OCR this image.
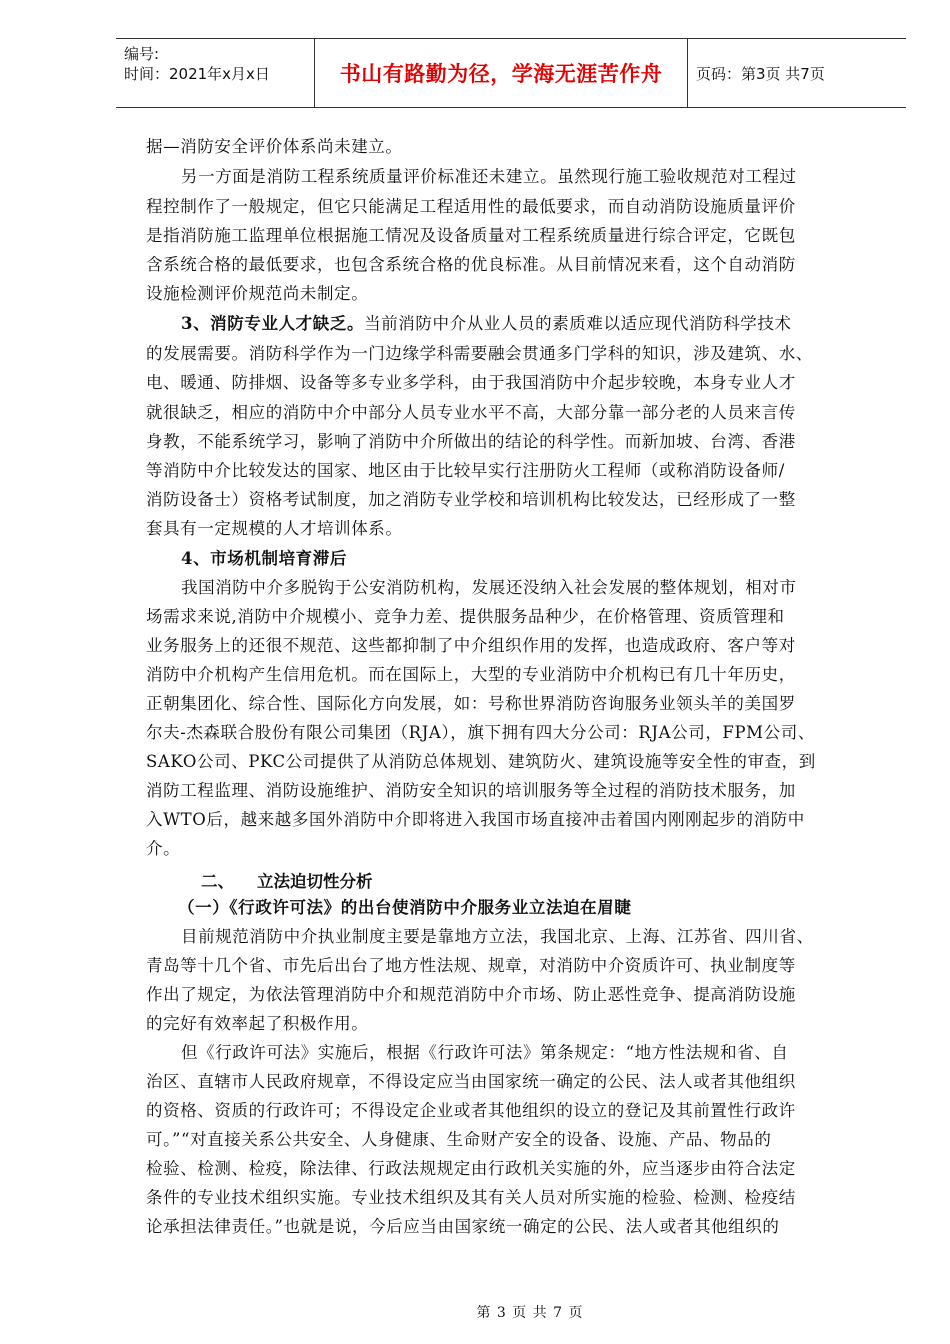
编号:
时间：2021年x月x日	书山有路勤为径，学海无涯苦作舟	页码：第3页 共7页
据—消防安全评价体系尚未建立。
另一方面是消防工程系统质量评价标准还未建立。虽然现行施工验收规范对工程过
程控制作了一般规定，但它只能满足工程适用性的最低要求，而自动消防设施质量评价
是指消防施工监理单位根据施工情况及设备质量对工程系统质量进行综合评定，它既包
含系统合格的最低要求，也包含系统合格的优良标准。从目前情况来看，这个自动消防
设施检测评价规范尚未制定。
3、消防专业人才缺乏。当前消防中介从业人员的素质难以适应现代消防科学技术
的发展需要。消防科学作为一门边缘学科需要融会贯通多门学科的知识，涉及建筑、水、
电、暖通、防排烟、设备等多专业多学科，由于我国消防中介起步较晚，本身专业人才
就很缺乏，相应的消防中介中部分人员专业水平不高，大部分靠一部分老的人员来言传
身教，不能系统学习，影响了消防中介所做出的结论的科学性。而新加坡、台湾、香港
等消防中介比较发达的国家、地区由于比较早实行注册防火工程师（或称消防设备师/
消防设备士）资格考试制度，加之消防专业学校和培训机构比较发达，已经形成了一整
套具有一定规模的人才培训体系。
4、市场机制培育滞后
我国消防中介多脱钩于公安消防机构，发展还没纳入社会发展的整体规划，相对市
场需求来说,消防中介规模小、竞争力差、提供服务品种少，在价格管理、资质管理和
业务服务上的还很不规范、这些都抑制了中介组织作用的发挥，也造成政府、客户等对
消防中介机构产生信用危机。而在国际上，大型的专业消防中介机构已有几十年历史，
正朝集团化、综合性、国际化方向发展，如：号称世界消防咨询服务业领头羊的美国罗
尔夫-杰森联合股份有限公司集团（RJA），旗下拥有四大分公司：RJA公司，FPM公司、
SAKO公司、PKC公司提供了从消防总体规划、建筑防火、建筑设施等安全性的审查，到
消防工程监理、消防设施维护、消防安全知识的培训服务等全过程的消防技术服务，加
入WTO后，越来越多国外消防中介即将进入我国市场直接冲击着国内刚刚起步的消防中
介。
二、 立法迫切性分析
（一）《行政许可法》的出台使消防中介服务业立法迫在眉睫
目前规范消防中介执业制度主要是靠地方立法，我国北京、上海、江苏省、四川省、
青岛等十几个省、市先后出台了地方性法规、规章，对消防中介资质许可、执业制度等
作出了规定，为依法管理消防中介和规范消防中介市场、防止恶性竞争、提高消防设施
的完好有效率起了积极作用。
但《行政许可法》实施后，根据《行政许可法》第条规定：“地方性法规和省、自
治区、直辖市人民政府规章，不得设定应当由国家统一确定的公民、法人或者其他组织
的资格、资质的行政许可；不得设定企业或者其他组织的设立的登记及其前置性行政许
可。”“对直接关系公共安全、人身健康、生命财产安全的设备、设施、产品、物品的
检验、检测、检疫，除法律、行政法规规定由行政机关实施的外，应当逐步由符合法定
条件的专业技术组织实施。专业技术组织及其有关人员对所实施的检验、检测、检疫结
论承担法律责任。”也就是说，今后应当由国家统一确定的公民、法人或者其他组织的
第 3 页 共 7 页
